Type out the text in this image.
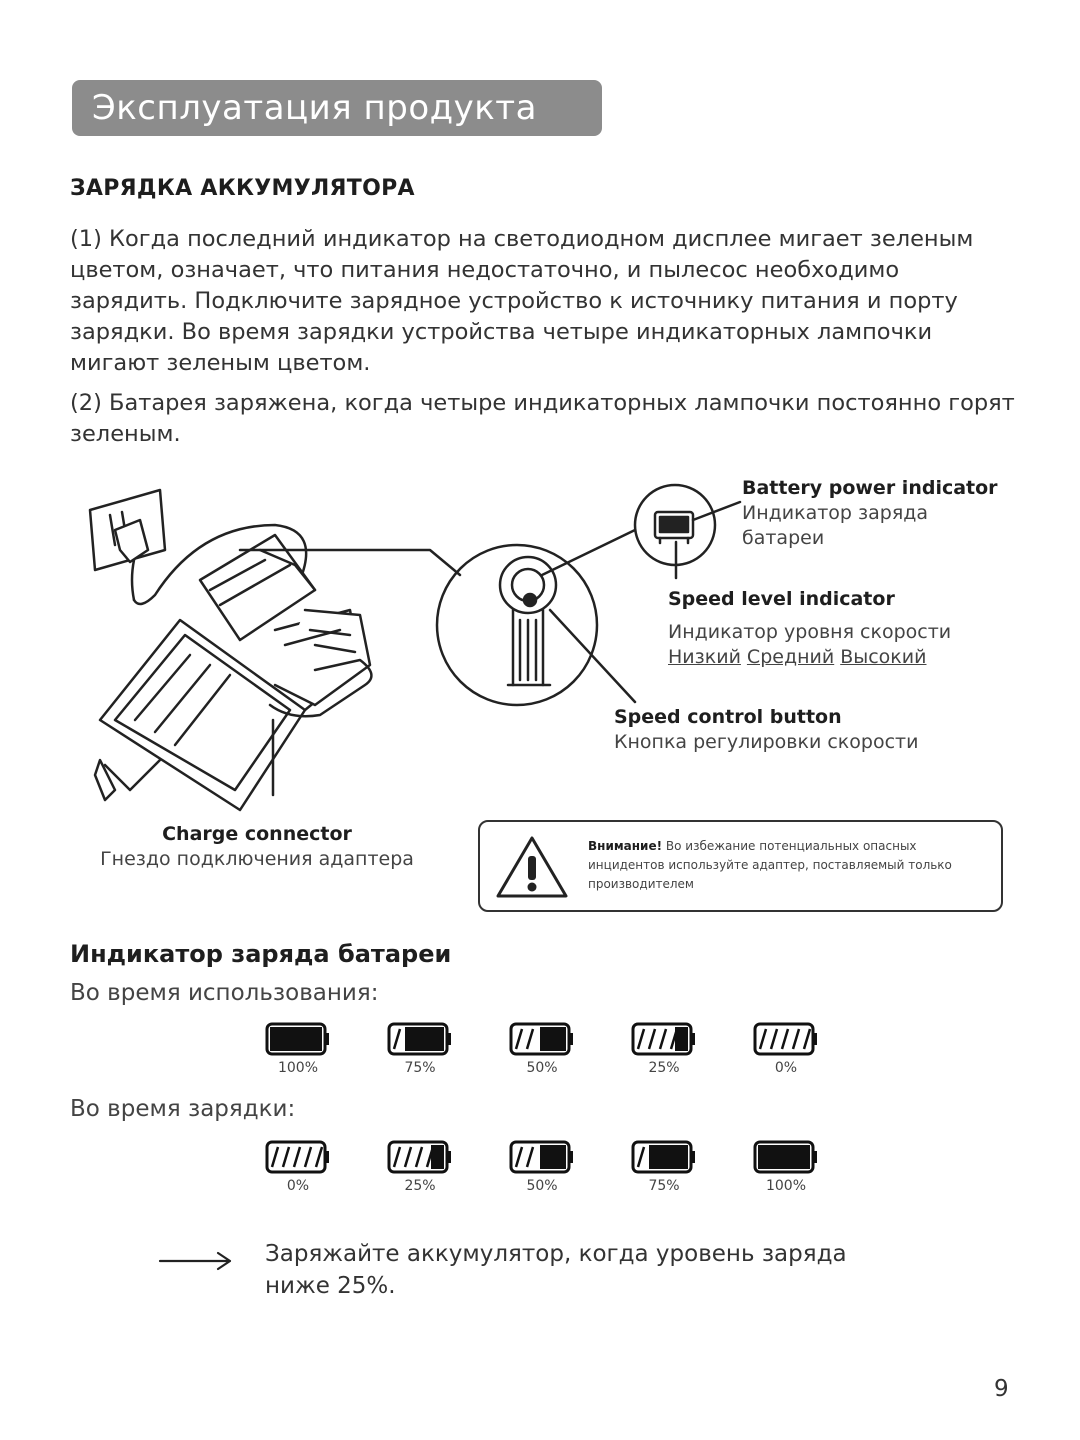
Эксплуатация продукта
ЗАРЯДКА АККУМУЛЯТОРА

(1) Когда последний индикатор на светодиодном дисплее мигает зеленым цветом, означает, что питания недостаточно, и пылесос необходимо зарядить. Подключите зарядное устройство к источнику питания и порту зарядки. Во время зарядки устройства четыре индикаторных лампочки мигают зеленым цветом.

(2) Батарея заряжена, когда четыре индикаторных лампочки постоянно горят зеленым.

Battery power indicator
Индикатор заряда батареи
Speed level indicator
Индикатор уровня скорости
Низкий Средний Высокий
Speed control button
Кнопка регулировки скорости
Charge connector
Гнездо подключения адаптера
Внимание! Во избежание потенциальных опасных инцидентов используйте адаптер, поставляемый только производителем
Индикатор заряда батареи
Во время использования:
100%	75%	50%	25%	0%
Во время зарядки:
0%	25%	50%	75%	100%
Заряжайте аккумулятор, когда уровень заряда ниже 25%.
9
